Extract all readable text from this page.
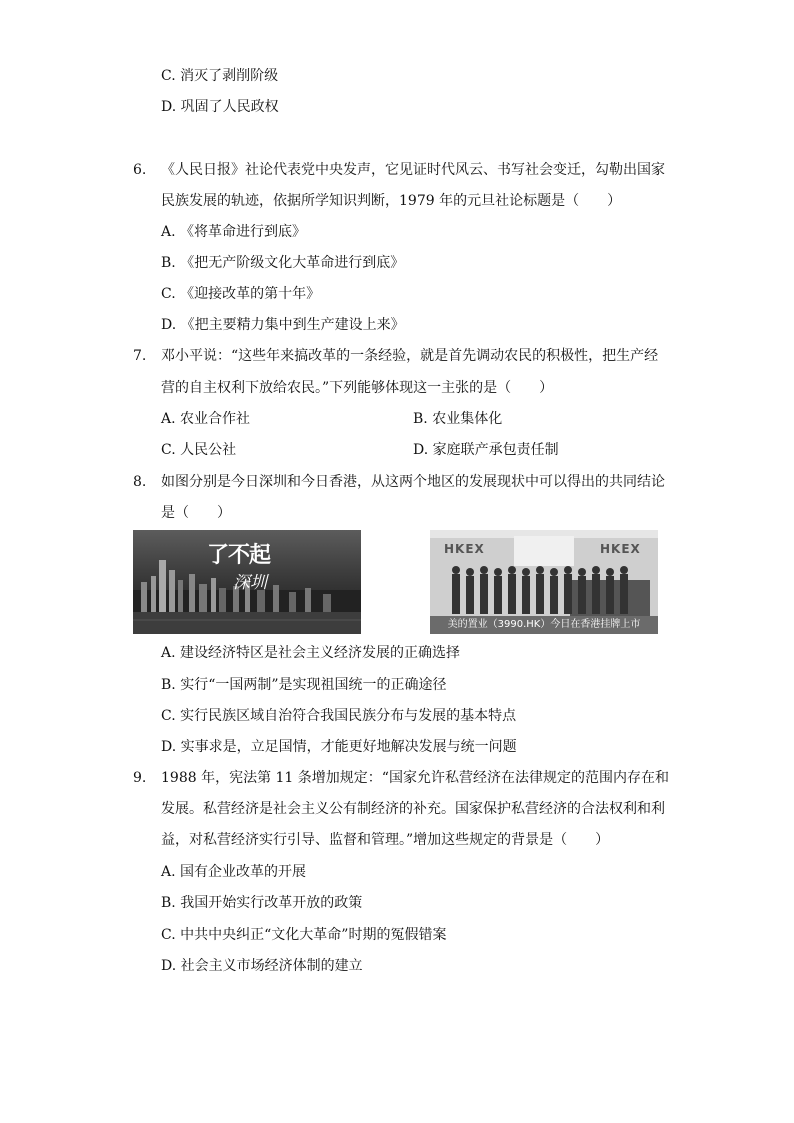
C. 消灭了剥削阶级
D. 巩固了人民政权
6. 《人民日报》社论代表党中央发声，它见证时代风云、书写社会变迁，勾勒出国家
民族发展的轨迹，依据所学知识判断，1979 年的元旦社论标题是（　　）
A. 《将革命进行到底》
B. 《把无产阶级文化大革命进行到底》
C. 《迎接改革的第十年》
D. 《把主要精力集中到生产建设上来》
7. 邓小平说：“这些年来搞改革的一条经验，就是首先调动农民的积极性，把生产经
营的自主权利下放给农民。”下列能够体现这一主张的是（　　）
A. 农业合作社	B. 农业集体化
C. 人民公社	D. 家庭联产承包责任制
8. 如图分别是今日深圳和今日香港，从这两个地区的发展现状中可以得出的共同结论
是（　　）
了不起
深圳
HKEX	HKEX
美的置业（3990.HK）今日在香港挂牌上市
A. 建设经济特区是社会主义经济发展的正确选择
B. 实行“一国两制”是实现祖国统一的正确途径
C. 实行民族区域自治符合我国民族分布与发展的基本特点
D. 实事求是，立足国情，才能更好地解决发展与统一问题
9. 1988 年，宪法第 11 条增加规定：“国家允许私营经济在法律规定的范围内存在和
发展。私营经济是社会主义公有制经济的补充。国家保护私营经济的合法权利和利
益，对私营经济实行引导、监督和管理。”增加这些规定的背景是（　　）
A. 国有企业改革的开展
B. 我国开始实行改革开放的政策
C. 中共中央纠正“文化大革命”时期的冤假错案
D. 社会主义市场经济体制的建立
